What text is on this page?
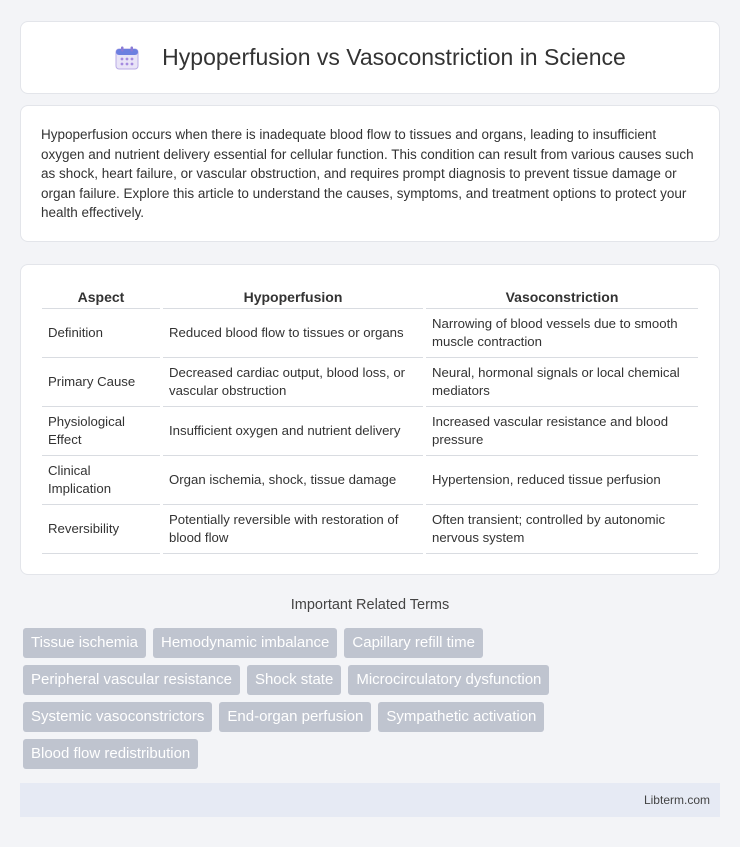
Hypoperfusion vs Vasoconstriction in Science

Hypoperfusion occurs when there is inadequate blood flow to tissues and organs, leading to insufficient oxygen and nutrient delivery essential for cellular function. This condition can result from various causes such as shock, heart failure, or vascular obstruction, and requires prompt diagnosis to prevent tissue damage or organ failure. Explore this article to understand the causes, symptoms, and treatment options to protect your health effectively.

Aspect	Hypoperfusion	Vasoconstriction
Definition	Reduced blood flow to tissues or organs	Narrowing of blood vessels due to smooth muscle contraction
Primary Cause	Decreased cardiac output, blood loss, or vascular obstruction	Neural, hormonal signals or local chemical mediators
Physiological Effect	Insufficient oxygen and nutrient delivery	Increased vascular resistance and blood pressure
Clinical Implication	Organ ischemia, shock, tissue damage	Hypertension, reduced tissue perfusion
Reversibility	Potentially reversible with restoration of blood flow	Often transient; controlled by autonomic nervous system
Important Related Terms
Tissue ischemia	Hemodynamic imbalance	Capillary refill time
Peripheral vascular resistance	Shock state	Microcirculatory dysfunction
Systemic vasoconstrictors	End-organ perfusion	Sympathetic activation
Blood flow redistribution
Libterm.com
